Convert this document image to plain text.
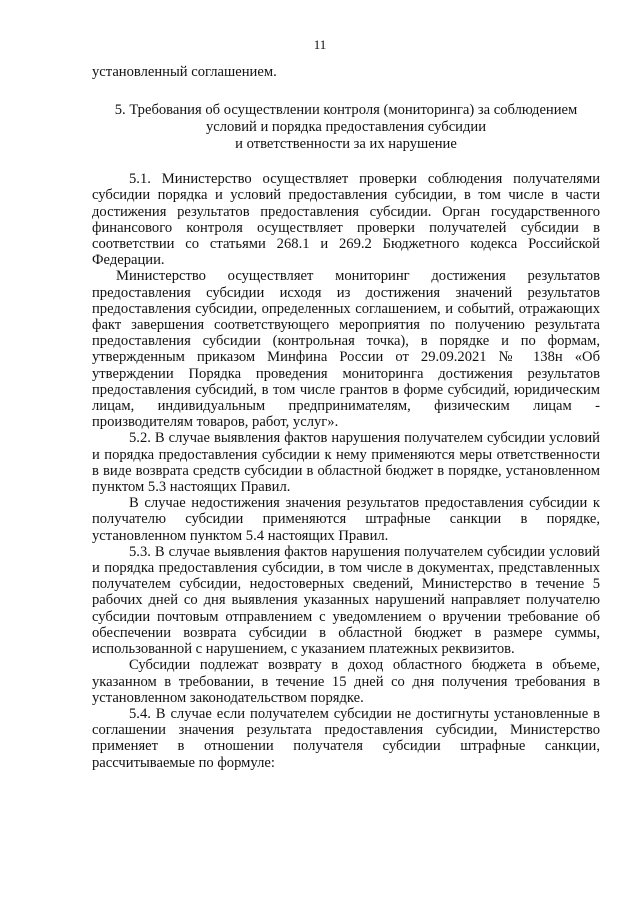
11

установленный соглашением.

5. Требования об осуществлении контроля (мониторинга) за соблюдением
условий и порядка предоставления субсидии
и ответственности за их нарушение

5.1. Министерство осуществляет проверки соблюдения получателями субсидии порядка и условий предоставления субсидии, в том числе в части достижения результатов предоставления субсидии. Орган государственного финансового контроля осуществляет проверки получателей субсидии в соответствии со статьями 268.1 и 269.2 Бюджетного кодекса Российской Федерации.

Министерство осуществляет мониторинг достижения результатов предоставления субсидии исходя из достижения значений результатов предоставления субсидии, определенных соглашением, и событий, отражающих факт завершения соответствующего мероприятия по получению результата предоставления субсидии (контрольная точка), в порядке и по формам, утвержденным приказом Минфина России от 29.09.2021 № 138н «Об утверждении Порядка проведения мониторинга достижения результатов предоставления субсидий, в том числе грантов в форме субсидий, юридическим лицам, индивидуальным предпринимателям, физическим лицам - производителям товаров, работ, услуг».

5.2. В случае выявления фактов нарушения получателем субсидии условий и порядка предоставления субсидии к нему применяются меры ответственности в виде возврата средств субсидии в областной бюджет в порядке, установленном пунктом 5.3 настоящих Правил.

В случае недостижения значения результатов предоставления субсидии к получателю субсидии применяются штрафные санкции в порядке, установленном пунктом 5.4 настоящих Правил.

5.3. В случае выявления фактов нарушения получателем субсидии условий и порядка предоставления субсидии, в том числе в документах, представленных получателем субсидии, недостоверных сведений, Министерство в течение 5 рабочих дней со дня выявления указанных нарушений направляет получателю субсидии почтовым отправлением с уведомлением о вручении требование об обеспечении возврата субсидии в областной бюджет в размере суммы, использованной с нарушением, с указанием платежных реквизитов.

Субсидии подлежат возврату в доход областного бюджета в объеме, указанном в требовании, в течение 15 дней со дня получения требования в установленном законодательством порядке.

5.4. В случае если получателем субсидии не достигнуты установленные в соглашении значения результата предоставления субсидии, Министерство применяет в отношении получателя субсидии штрафные санкции, рассчитываемые по формуле:
